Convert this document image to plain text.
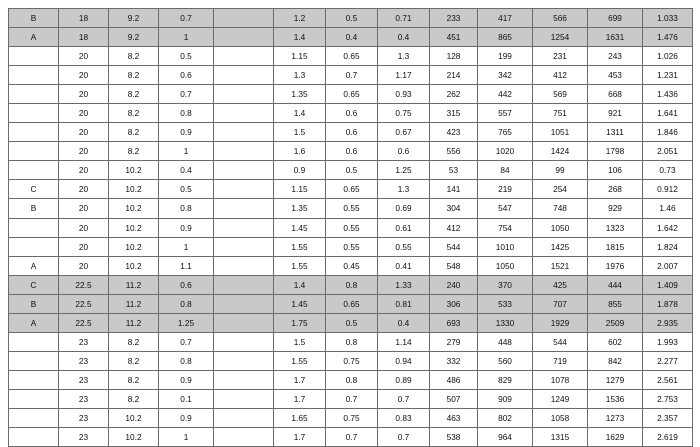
B	18	9.2	0.7		1.2	0.5	0.71	233	417	566	699	1.033
A	18	9.2	1		1.4	0.4	0.4	451	865	1254	1631	1.476
	20	8.2	0.5		1.15	0.65	1.3	128	199	231	243	1.026
	20	8.2	0.6		1.3	0.7	1.17	214	342	412	453	1.231
	20	8.2	0.7		1.35	0.65	0.93	262	442	569	668	1.436
	20	8.2	0.8		1.4	0.6	0.75	315	557	751	921	1.641
	20	8.2	0.9		1.5	0.6	0.67	423	765	1051	1311	1.846
	20	8.2	1		1.6	0.6	0.6	556	1020	1424	1798	2.051
	20	10.2	0.4		0.9	0.5	1.25	53	84	99	106	0.73
C	20	10.2	0.5		1.15	0.65	1.3	141	219	254	268	0.912
B	20	10.2	0.8		1.35	0.55	0.69	304	547	748	929	1.46
	20	10.2	0.9		1.45	0.55	0.61	412	754	1050	1323	1.642
	20	10.2	1		1.55	0.55	0.55	544	1010	1425	1815	1.824
A	20	10.2	1.1		1.55	0.45	0.41	548	1050	1521	1976	2.007
C	22.5	11.2	0.6		1.4	0.8	1.33	240	370	425	444	1.409
B	22.5	11.2	0.8		1.45	0.65	0.81	306	533	707	855	1.878
A	22.5	11.2	1.25		1.75	0.5	0.4	693	1330	1929	2509	2.935
	23	8.2	0.7		1.5	0.8	1.14	279	448	544	602	1.993
	23	8.2	0.8		1.55	0.75	0.94	332	560	719	842	2.277
	23	8.2	0.9		1.7	0.8	0.89	486	829	1078	1279	2.561
	23	8.2	0.1		1.7	0.7	0.7	507	909	1249	1536	2.753
	23	10.2	0.9		1.65	0.75	0.83	463	802	1058	1273	2.357
	23	10.2	1		1.7	0.7	0.7	538	964	1315	1629	2.619
